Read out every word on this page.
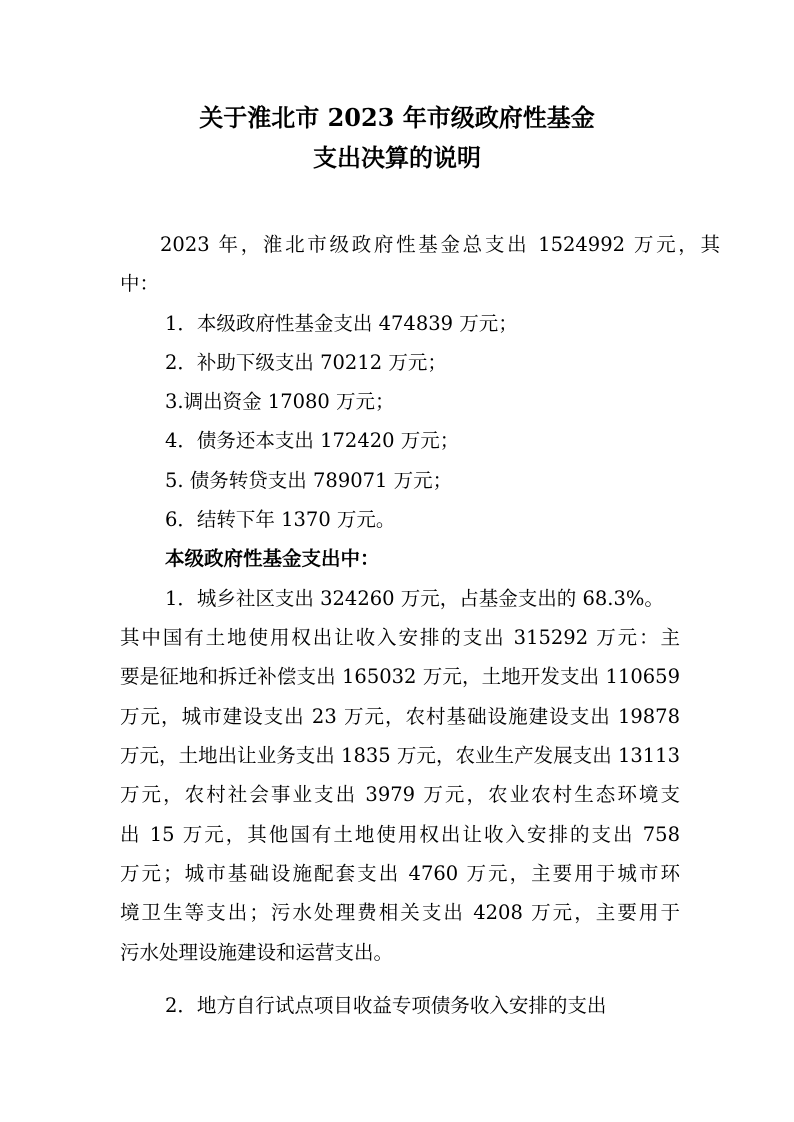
关于淮北市 2023 年市级政府性基金
支出决算的说明

2023 年，淮北市级政府性基金总支出 1524992 万元，其

中：

1．本级政府性基金支出 474839 万元；

2．补助下级支出 70212 万元；

3.调出资金 17080 万元；

4．债务还本支出 172420 万元；

5. 债务转贷支出 789071 万元；

6．结转下年 1370 万元。

本级政府性基金支出中：

1．城乡社区支出 324260 万元，占基金支出的 68.3%。

其中国有土地使用权出让收入安排的支出 315292 万元：主

要是征地和拆迁补偿支出 165032 万元，土地开发支出 110659

万元，城市建设支出 23 万元，农村基础设施建设支出 19878

万元，土地出让业务支出 1835 万元，农业生产发展支出 13113

万元，农村社会事业支出 3979 万元，农业农村生态环境支

出 15 万元，其他国有土地使用权出让收入安排的支出 758

万元；城市基础设施配套支出 4760 万元，主要用于城市环

境卫生等支出；污水处理费相关支出 4208 万元，主要用于

污水处理设施建设和运营支出。

2．地方自行试点项目收益专项债务收入安排的支出
